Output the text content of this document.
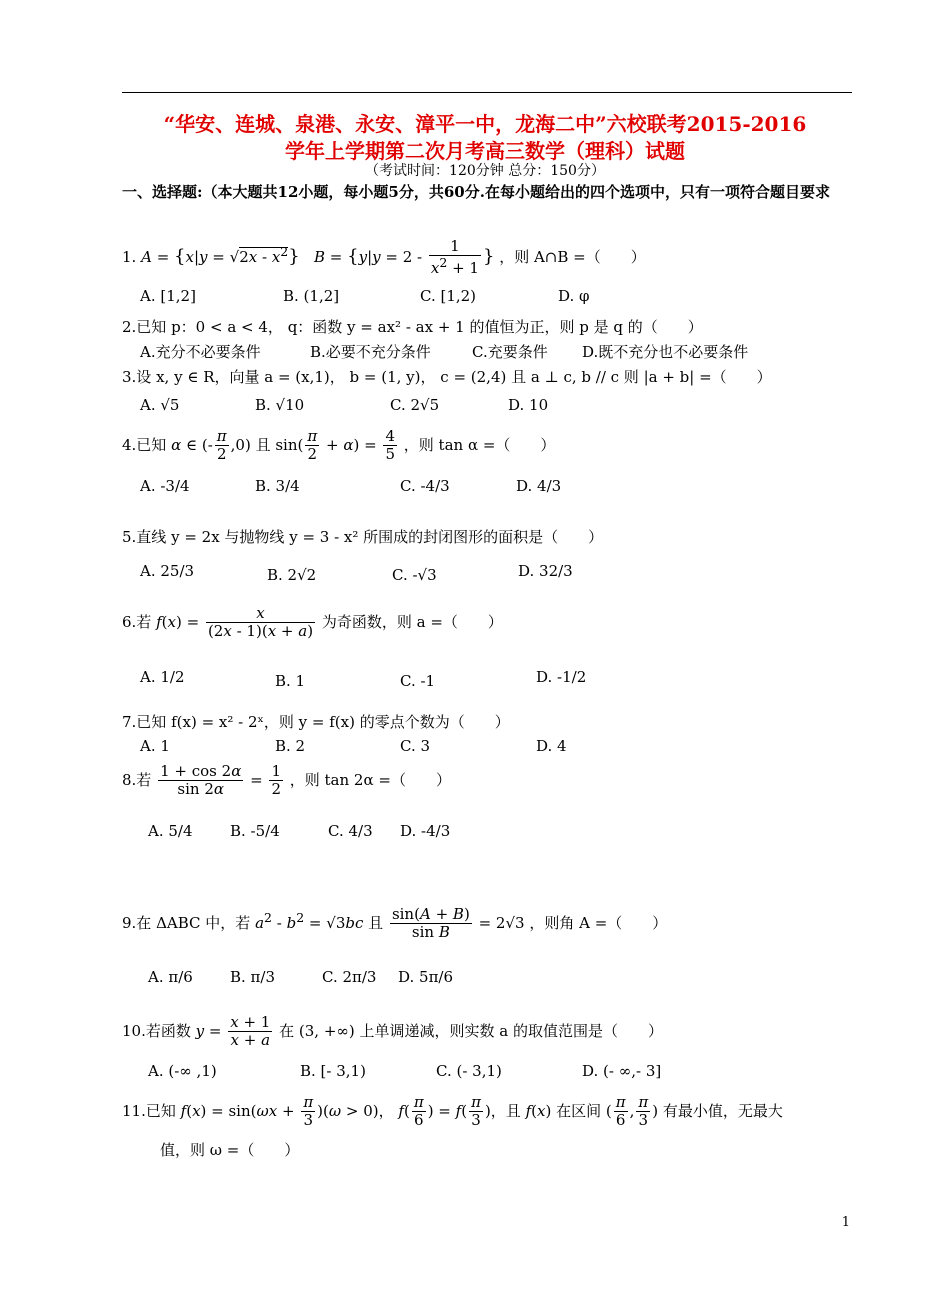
“华安、连城、泉港、永安、漳平一中，龙海二中”六校联考2015-2016
学年上学期第二次月考高三数学（理科）试题
（考试时间：120分钟 总分：150分）
一、选择题:（本大题共12小题，每小题5分，共60分.在每小题给出的四个选项中，只有一项符合题目要求
1. $A = \{x|y = √2x - x^2\}$ $B = \{y|y = 2 - \frac{1}{x^2 + 1}$ } ，则 A∩B =（　　）
A. [1,2]	B. (1,2]	C. [1,2)	D. φ
2.已知 p：0 < a < 4， q：函数 y = ax² - ax + 1 的值恒为正，则 p 是 q 的（　　）
A.充分不必要条件	B.必要不充分条件	C.充要条件 D.既不充分也不必要条件
3.设 x, y ∈ R，向量 a = (x,1)， b = (1, y)， c = (2,4) 且 a ⊥ c, b // c 则 |a + b| =（　　）
A. √5	B. √10	C. 2√5	D. 10
4.已知 α ∈ (- $\frac{\pi}{2} ,0$) 且 $\sin( \frac{\pi}{2} + \alpha) = \frac{4}{5}$ ，则 tan α =（　　）
A. -3/4	B. 3/4	C. -4/3	D. 4/3
5.直线 y = 2x 与抛物线 y = 3 - x² 所围成的封闭图形的面积是（　　）
A. 25/3	B. 2√2	C. -√3	D. 32/3
6.若 $f(x) = \frac{x}{(2x - 1)(x + a)}$ 为奇函数，则 a =（　　）
A. 1/2	B. 1	C. -1	D. -1/2
7.已知 f(x) = x² - 2ˣ，则 y = f(x) 的零点个数为（　　）
A. 1	B. 2	C. 3	D. 4
8.若 $\frac{1 + \cos 2\alpha}{\sin 2\alpha} = \frac{1}{2}$ ，则 tan 2α =（　　）
A. 5/4 B. -5/4	C. 4/3 D. -4/3
9.在 ΔABC 中，若 $a^2 - b^2 = √3bc$ 且 $\frac{\sin(A + B)}{\text{sin B}} = 2√3$ ，则角 A =（　　）
A. π/6 B. π/3	C. 2π/3 D. 5π/6
10.若函数 $y = \frac{x + 1}{x + a}$ 在 (3, +∞) 上单调递减，则实数 a 的取值范围是（　　）
A. (-∞ ,1)	B. [- 3,1)	C. (- 3,1)	D. (- ∞,- 3]
11.已知 $f(x) = \sin(\omega x + \frac{\pi}{3} )(\omega > 0)$， $f( \frac{\pi}{6}$ ) = $f( \frac{\pi}{3}$ )，且 f(x) 在区间 ( $\frac{\pi}{6}$ , $\frac{\pi}{3}$ ) 有最小值，无最大
值，则 ω =（　　）
1
